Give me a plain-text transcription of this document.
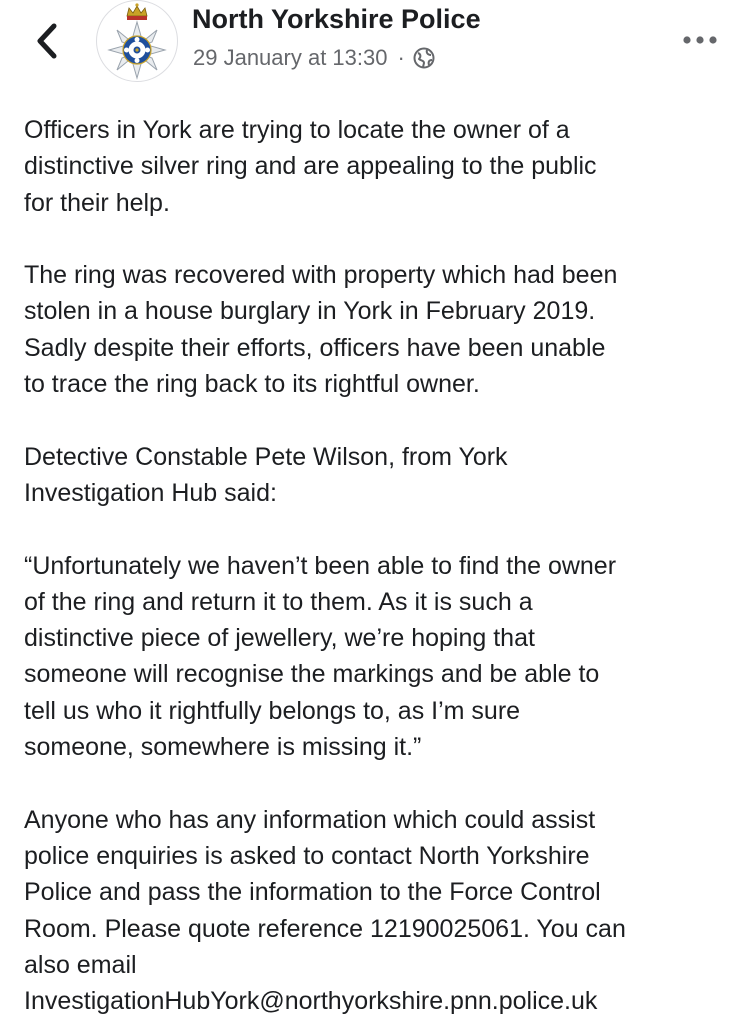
North Yorkshire Police
29 January at 13:30 ·

Officers in York are trying to locate the owner of a
distinctive silver ring and are appealing to the public
for their help.

The ring was recovered with property which had been
stolen in a house burglary in York in February 2019.
Sadly despite their efforts, officers have been unable
to trace the ring back to its rightful owner.

Detective Constable Pete Wilson, from York
Investigation Hub said:

“Unfortunately we haven’t been able to find the owner
of the ring and return it to them. As it is such a
distinctive piece of jewellery, we’re hoping that
someone will recognise the markings and be able to
tell us who it rightfully belongs to, as I’m sure
someone, somewhere is missing it.”

Anyone who has any information which could assist
police enquiries is asked to contact North Yorkshire
Police and pass the information to the Force Control
Room. Please quote reference 12190025061. You can
also email
InvestigationHubYork@northyorkshire.pnn.police.uk
